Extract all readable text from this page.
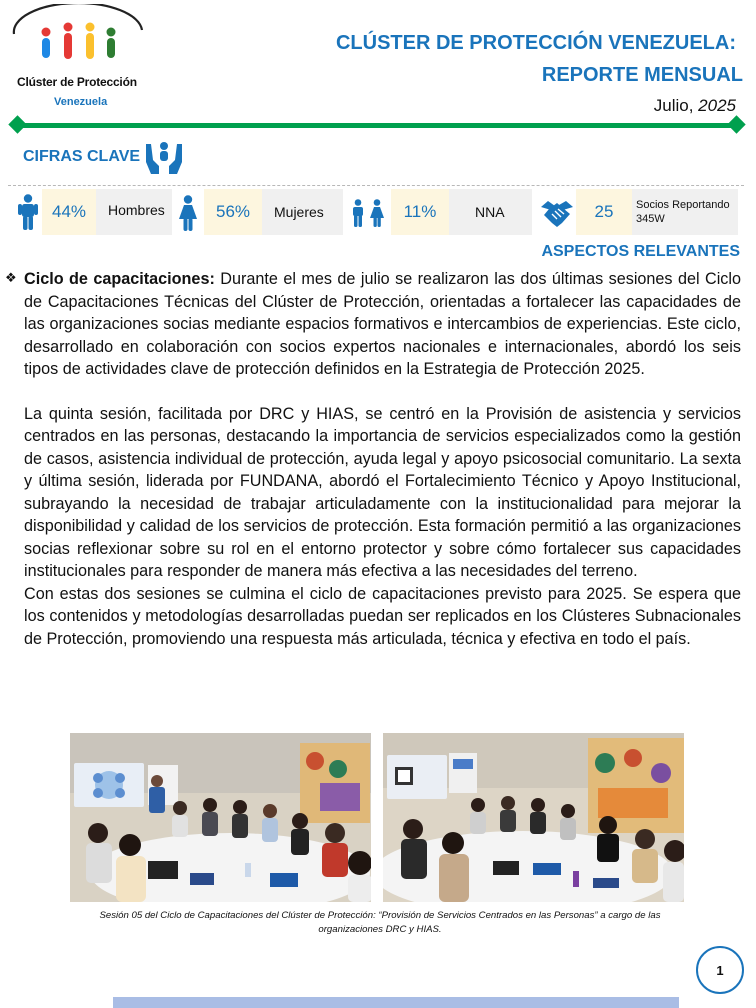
Clúster de Protección
Venezuela
CLÚSTER DE PROTECCIÓN VENEZUELA:
REPORTE MENSUAL
Julio, 2025
CIFRAS CLAVE
44%	Hombres	56%	Mujeres	11%	NNA	25	Socios Reportando 345W
ASPECTOS RELEVANTES
❖ Ciclo de capacitaciones: Durante el mes de julio se realizaron las dos últimas sesiones del Ciclo de Capacitaciones Técnicas del Clúster de Protección, orientadas a fortalecer las capacidades de las organizaciones socias mediante espacios formativos e intercambios de experiencias. Este ciclo, desarrollado en colaboración con socios expertos nacionales e internacionales, abordó los seis tipos de actividades clave de protección definidos en la Estrategia de Protección 2025.

La quinta sesión, facilitada por DRC y HIAS, se centró en la Provisión de asistencia y servicios centrados en las personas, destacando la importancia de servicios especializados como la gestión de casos, asistencia individual de protección, ayuda legal y apoyo psicosocial comunitario. La sexta y última sesión, liderada por FUNDANA, abordó el Fortalecimiento Técnico y Apoyo Institucional, subrayando la necesidad de trabajar articuladamente con la institucionalidad para mejorar la disponibilidad y calidad de los servicios de protección. Esta formación permitió a las organizaciones socias reflexionar sobre su rol en el entorno protector y sobre cómo fortalecer sus capacidades institucionales para responder de manera más efectiva a las necesidades del terreno.

Con estas dos sesiones se culmina el ciclo de capacitaciones previsto para 2025. Se espera que los contenidos y metodologías desarrolladas puedan ser replicados en los Clústeres Subnacionales de Protección, promoviendo una respuesta más articulada, técnica y efectiva en todo el país.

Sesión 05 del Ciclo de Capacitaciones del Clúster de Protección: “Provisión de Servicios Centrados en las Personas” a cargo de las organizaciones DRC y HIAS.
1
